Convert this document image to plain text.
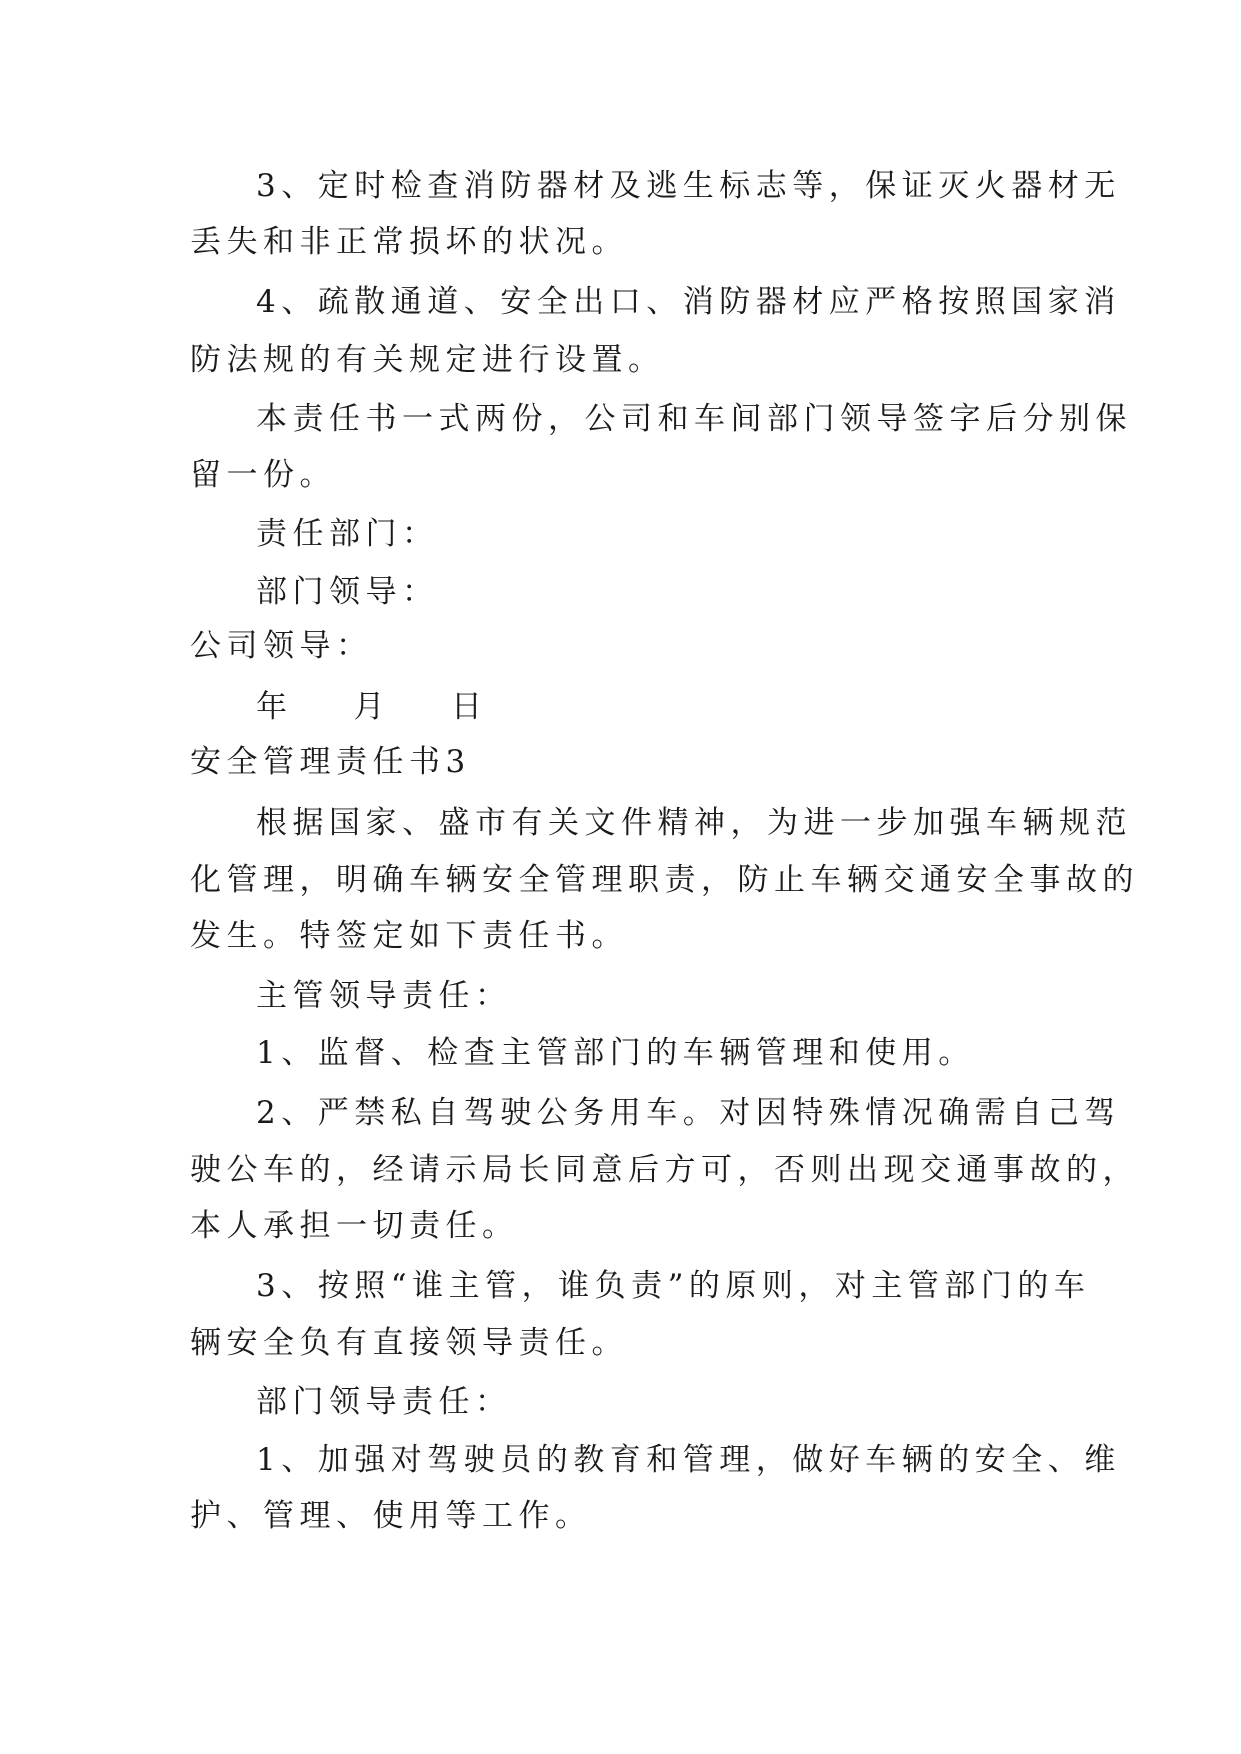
3、定时检查消防器材及逃生标志等，保证灭火器材无
丢失和非正常损坏的状况。
4、疏散通道、安全出口、消防器材应严格按照国家消
防法规的有关规定进行设置。
本责任书一式两份，公司和车间部门领导签字后分别保
留一份。
责任部门：
部门领导：
公司领导：
年 月 日
安全管理责任书3
根据国家、盛市有关文件精神，为进一步加强车辆规范
化管理，明确车辆安全管理职责，防止车辆交通安全事故的
发生。特签定如下责任书。
主管领导责任：
1、监督、检查主管部门的车辆管理和使用。
2、严禁私自驾驶公务用车。对因特殊情况确需自己驾
驶公车的，经请示局长同意后方可，否则出现交通事故的，
本人承担一切责任。
3、按照“谁主管，谁负责”的原则，对主管部门的车
辆安全负有直接领导责任。
部门领导责任：
1、加强对驾驶员的教育和管理，做好车辆的安全、维
护、管理、使用等工作。
